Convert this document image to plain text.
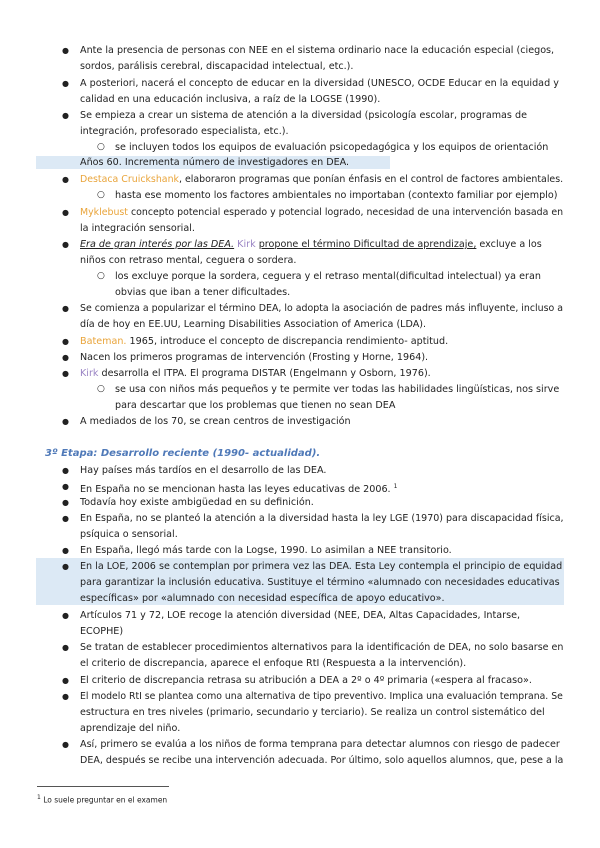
● Ante la presencia de personas con NEE en el sistema ordinario nace la educación especial (ciegos,
sordos, parálisis cerebral, discapacidad intelectual, etc.).
● A posteriori, nacerá el concepto de educar en la diversidad (UNESCO, OCDE Educar en la equidad y
calidad en una educación inclusiva, a raíz de la LOGSE (1990).
● Se empieza a crear un sistema de atención a la diversidad (psicología escolar, programas de
integración, profesorado especialista, etc.).
○ se incluyen todos los equipos de evaluación psicopedagógica y los equipos de orientación
Años 60. Incrementa número de investigadores en DEA.
● Destaca Cruickshank, elaboraron programas que ponían énfasis en el control de factores ambientales.
○ hasta ese momento los factores ambientales no importaban (contexto familiar por ejemplo)
● Myklebust concepto potencial esperado y potencial logrado, necesidad de una intervención basada en
la integración sensorial.
● Era de gran interés por las DEA. Kirk propone el término Dificultad de aprendizaje, excluye a los
niños con retraso mental, ceguera o sordera.
○ los excluye porque la sordera, ceguera y el retraso mental(dificultad intelectual) ya eran
obvias que iban a tener dificultades.
● Se comienza a popularizar el término DEA, lo adopta la asociación de padres más influyente, incluso a
día de hoy en EE.UU, Learning Disabilities Association of America (LDA).
● Bateman. 1965, introduce el concepto de discrepancia rendimiento- aptitud.
● Nacen los primeros programas de intervención (Frosting y Horne, 1964).
● Kirk desarrolla el ITPA. El programa DISTAR (Engelmann y Osborn, 1976).
○ se usa con niños más pequeños y te permite ver todas las habilidades lingüísticas, nos sirve
para descartar que los problemas que tienen no sean DEA
● A mediados de los 70, se crean centros de investigación
3º Etapa: Desarrollo reciente (1990- actualidad).
● Hay países más tardíos en el desarrollo de las DEA.
● En España no se mencionan hasta las leyes educativas de 2006. $^1$
● Todavía hoy existe ambigüedad en su definición.
● En España, no se planteó la atención a la diversidad hasta la ley LGE (1970) para discapacidad física,
psíquica o sensorial.
● En España, llegó más tarde con la Logse, 1990. Lo asimilan a NEE transitorio.
● En la LOE, 2006 se contemplan por primera vez las DEA. Esta Ley contempla el principio de equidad
para garantizar la inclusión educativa. Sustituye el término «alumnado con necesidades educativas
específicas» por «alumnado con necesidad específica de apoyo educativo».
● Artículos 71 y 72, LOE recoge la atención diversidad (NEE, DEA, Altas Capacidades, Intarse,
ECOPHE)
● Se tratan de establecer procedimientos alternativos para la identificación de DEA, no solo basarse en
el criterio de discrepancia, aparece el enfoque RtI (Respuesta a la intervención).
● El criterio de discrepancia retrasa su atribución a DEA a 2º o 4º primaria («espera al fracaso».
● El modelo RtI se plantea como una alternativa de tipo preventivo. Implica una evaluación temprana. Se
estructura en tres niveles (primario, secundario y terciario). Se realiza un control sistemático del
aprendizaje del niño.
● Así, primero se evalúa a los niños de forma temprana para detectar alumnos con riesgo de padecer
DEA, después se recibe una intervención adecuada. Por último, solo aquellos alumnos, que, pese a la
$^1$ Lo suele preguntar en el examen
